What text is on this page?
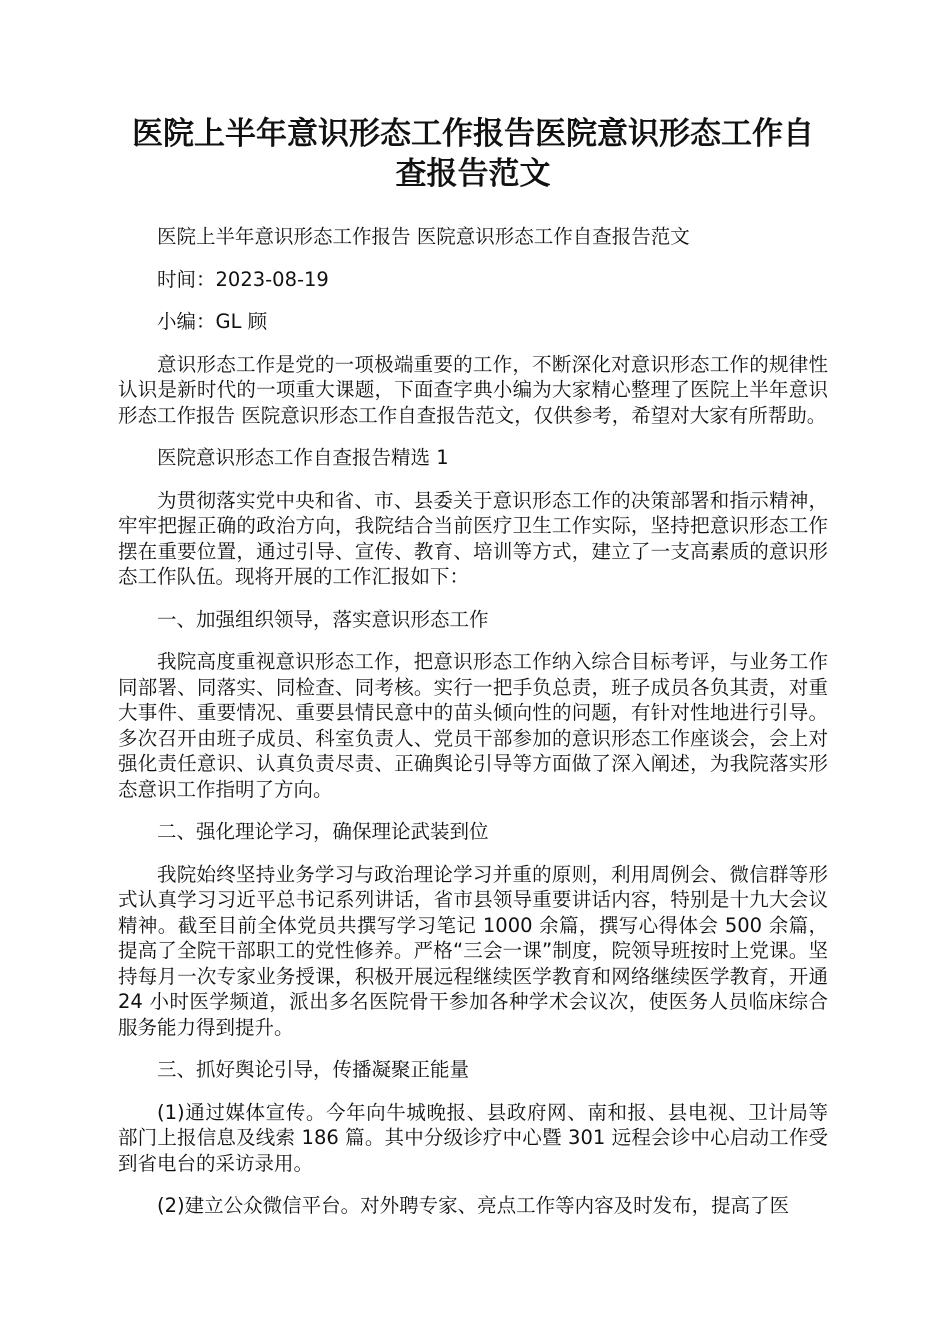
医院上半年意识形态工作报告医院意识形态工作自查报告范文

医院上半年意识形态工作报告 医院意识形态工作自查报告范文

时间：2023-08-19

小编：GL 顾

意识形态工作是党的一项极端重要的工作，不断深化对意识形态工作的规律性认识是新时代的一项重大课题，下面查字典小编为大家精心整理了医院上半年意识形态工作报告 医院意识形态工作自查报告范文，仅供参考，希望对大家有所帮助。

医院意识形态工作自查报告精选 1

为贯彻落实党中央和省、市、县委关于意识形态工作的决策部署和指示精神，牢牢把握正确的政治方向，我院结合当前医疗卫生工作实际，坚持把意识形态工作摆在重要位置，通过引导、宣传、教育、培训等方式，建立了一支高素质的意识形态工作队伍。现将开展的工作汇报如下：

一、加强组织领导，落实意识形态工作

我院高度重视意识形态工作，把意识形态工作纳入综合目标考评，与业务工作同部署、同落实、同检查、同考核。实行一把手负总责，班子成员各负其责，对重大事件、重要情况、重要县情民意中的苗头倾向性的问题，有针对性地进行引导。多次召开由班子成员、科室负责人、党员干部参加的意识形态工作座谈会，会上对强化责任意识、认真负责尽责、正确舆论引导等方面做了深入阐述，为我院落实形态意识工作指明了方向。

二、强化理论学习，确保理论武装到位

我院始终坚持业务学习与政治理论学习并重的原则，利用周例会、微信群等形式认真学习习近平总书记系列讲话，省市县领导重要讲话内容，特别是十九大会议精神。截至目前全体党员共撰写学习笔记 1000 余篇，撰写心得体会 500 余篇，提高了全院干部职工的党性修养。严格“三会一课”制度，院领导班按时上党课。坚持每月一次专家业务授课，积极开展远程继续医学教育和网络继续医学教育，开通 24 小时医学频道，派出多名医院骨干参加各种学术会议次，使医务人员临床综合服务能力得到提升。

三、抓好舆论引导，传播凝聚正能量

(1)通过媒体宣传。今年向牛城晚报、县政府网、南和报、县电视、卫计局等部门上报信息及线索 186 篇。其中分级诊疗中心暨 301 远程会诊中心启动工作受到省电台的采访录用。

(2)建立公众微信平台。对外聘专家、亮点工作等内容及时发布，提高了医
